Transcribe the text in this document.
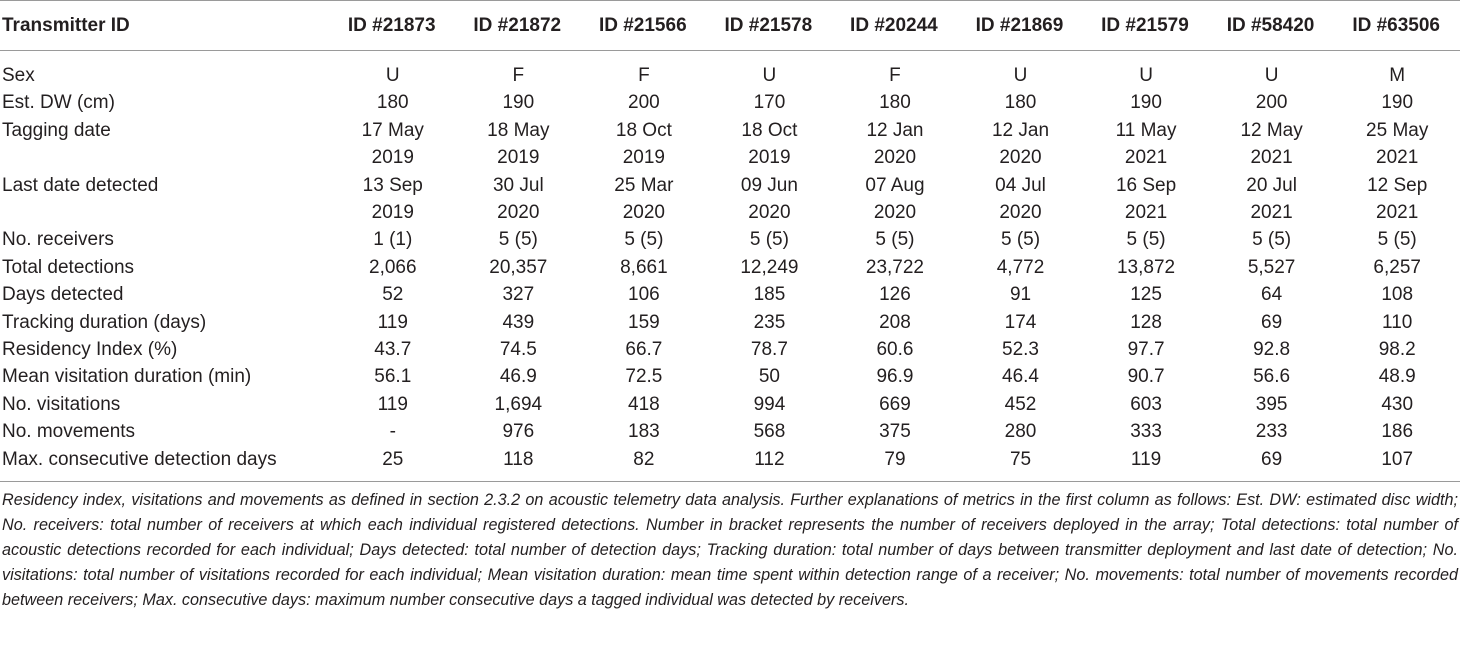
Transmitter ID	ID #21873	ID #21872	ID #21566	ID #21578	ID #20244	ID #21869	ID #21579	ID #58420	ID #63506
Sex	U	F	F	U	F	U	U	U	M
Est. DW (cm)	180	190	200	170	180	180	190	200	190
Tagging date	17 May	18 May	18 Oct	18 Oct	12 Jan	12 Jan	11 May	12 May	25 May
	2019	2019	2019	2019	2020	2020	2021	2021	2021
Last date detected	13 Sep	30 Jul	25 Mar	09 Jun	07 Aug	04 Jul	16 Sep	20 Jul	12 Sep
	2019	2020	2020	2020	2020	2020	2021	2021	2021
No. receivers	1 (1)	5 (5)	5 (5)	5 (5)	5 (5)	5 (5)	5 (5)	5 (5)	5 (5)
Total detections	2,066	20,357	8,661	12,249	23,722	4,772	13,872	5,527	6,257
Days detected	52	327	106	185	126	91	125	64	108
Tracking duration (days)	119	439	159	235	208	174	128	69	110
Residency Index (%)	43.7	74.5	66.7	78.7	60.6	52.3	97.7	92.8	98.2
Mean visitation duration (min)	56.1	46.9	72.5	50	96.9	46.4	90.7	56.6	48.9
No. visitations	119	1,694	418	994	669	452	603	395	430
No. movements	-	976	183	568	375	280	333	233	186
Max. consecutive detection days	25	118	82	112	79	75	119	69	107

Residency index, visitations and movements as defined in section 2.3.2 on acoustic telemetry data analysis. Further explanations of metrics in the first column as follows: Est. DW: estimated disc width; No. receivers: total number of receivers at which each individual registered detections. Number in bracket represents the number of receivers deployed in the array; Total detections: total number of acoustic detections recorded for each individual; Days detected: total number of detection days; Tracking duration: total number of days between transmitter deployment and last date of detection; No. visitations: total number of visitations recorded for each individual; Mean visitation duration: mean time spent within detection range of a receiver; No. movements: total number of movements recorded between receivers; Max. consecutive days: maximum number consecutive days a tagged individual was detected by receivers.
